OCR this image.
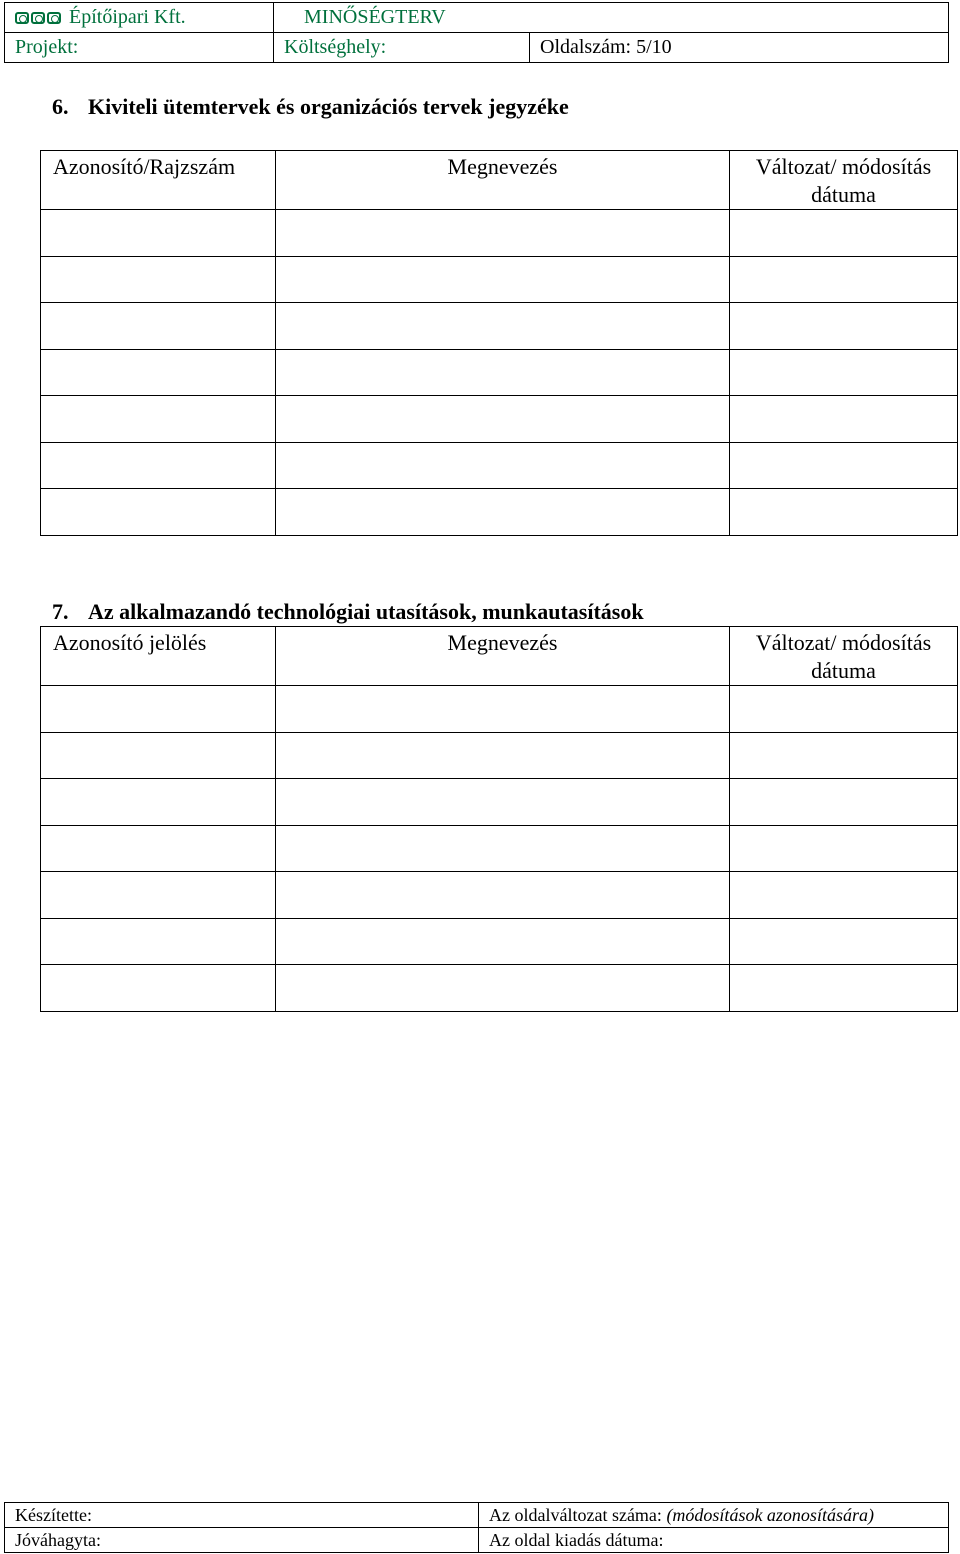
Építőipari Kft.	MINŐSÉGTERV	
Projekt:	Költséghely:	Oldalszám: 5/10
6. Kiviteli ütemtervek és organizációs tervek jegyzéke
Azonosító/Rajzszám	Megnevezés	Változat/ módosítás dátuma

7. Az alkalmazandó technológiai utasítások, munkautasítások
Azonosító jelölés	Megnevezés	Változat/ módosítás dátuma

Készítette:	Az oldalváltozat száma: (módosítások azonosítására)
Jóváhagyta:	Az oldal kiadás dátuma:
